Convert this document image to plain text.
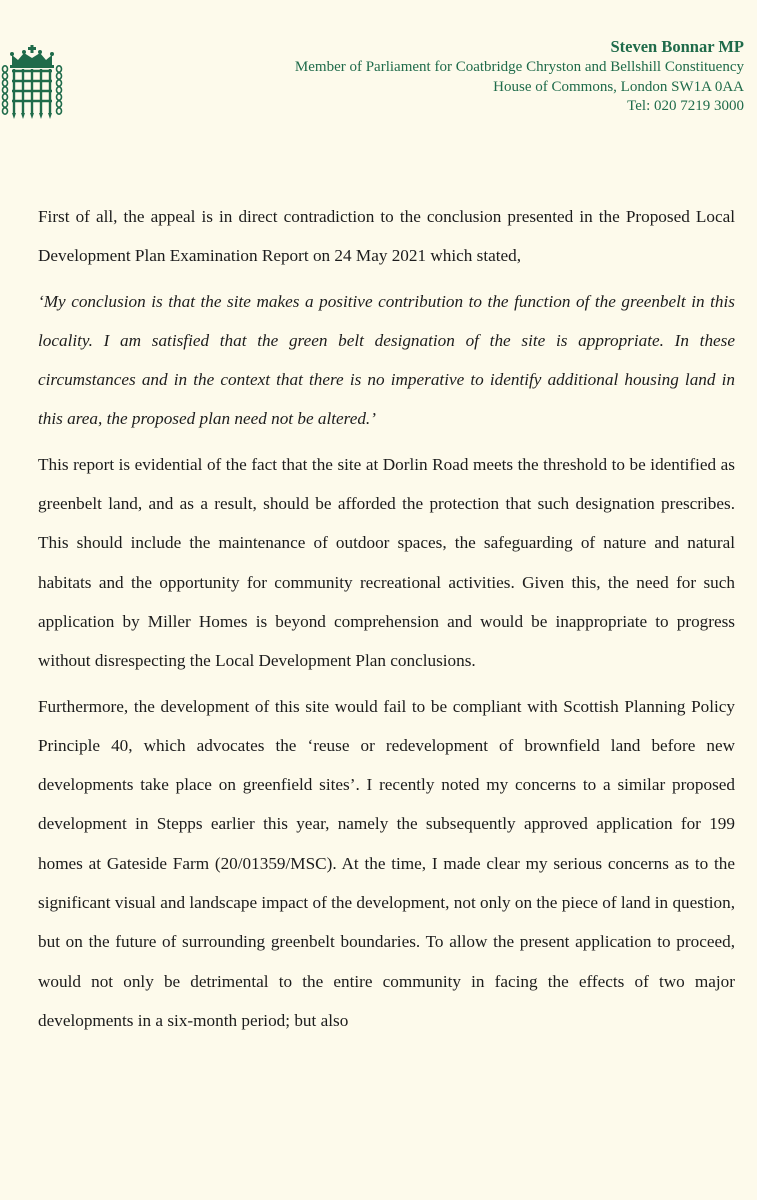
Steven Bonnar MP
Member of Parliament for Coatbridge Chryston and Bellshill Constituency
House of Commons, London SW1A 0AA
Tel: 020 7219 3000

First of all, the appeal is in direct contradiction to the conclusion presented in the Proposed Local Development Plan Examination Report on 24 May 2021 which stated,

‘My conclusion is that the site makes a positive contribution to the function of the greenbelt in this locality. I am satisfied that the green belt designation of the site is appropriate. In these circumstances and in the context that there is no imperative to identify additional housing land in this area, the proposed plan need not be altered.’

This report is evidential of the fact that the site at Dorlin Road meets the threshold to be identified as greenbelt land, and as a result, should be afforded the protection that such designation prescribes. This should include the maintenance of outdoor spaces, the safeguarding of nature and natural habitats and the opportunity for community recreational activities. Given this, the need for such application by Miller Homes is beyond comprehension and would be inappropriate to progress without disrespecting the Local Development Plan conclusions.

Furthermore, the development of this site would fail to be compliant with Scottish Planning Policy Principle 40, which advocates the ‘reuse or redevelopment of brownfield land before new developments take place on greenfield sites’. I recently noted my concerns to a similar proposed development in Stepps earlier this year, namely the subsequently approved application for 199 homes at Gateside Farm (20/01359/MSC). At the time, I made clear my serious concerns as to the significant visual and landscape impact of the development, not only on the piece of land in question, but on the future of surrounding greenbelt boundaries. To allow the present application to proceed, would not only be detrimental to the entire community in facing the effects of two major developments in a six-month period; but also
